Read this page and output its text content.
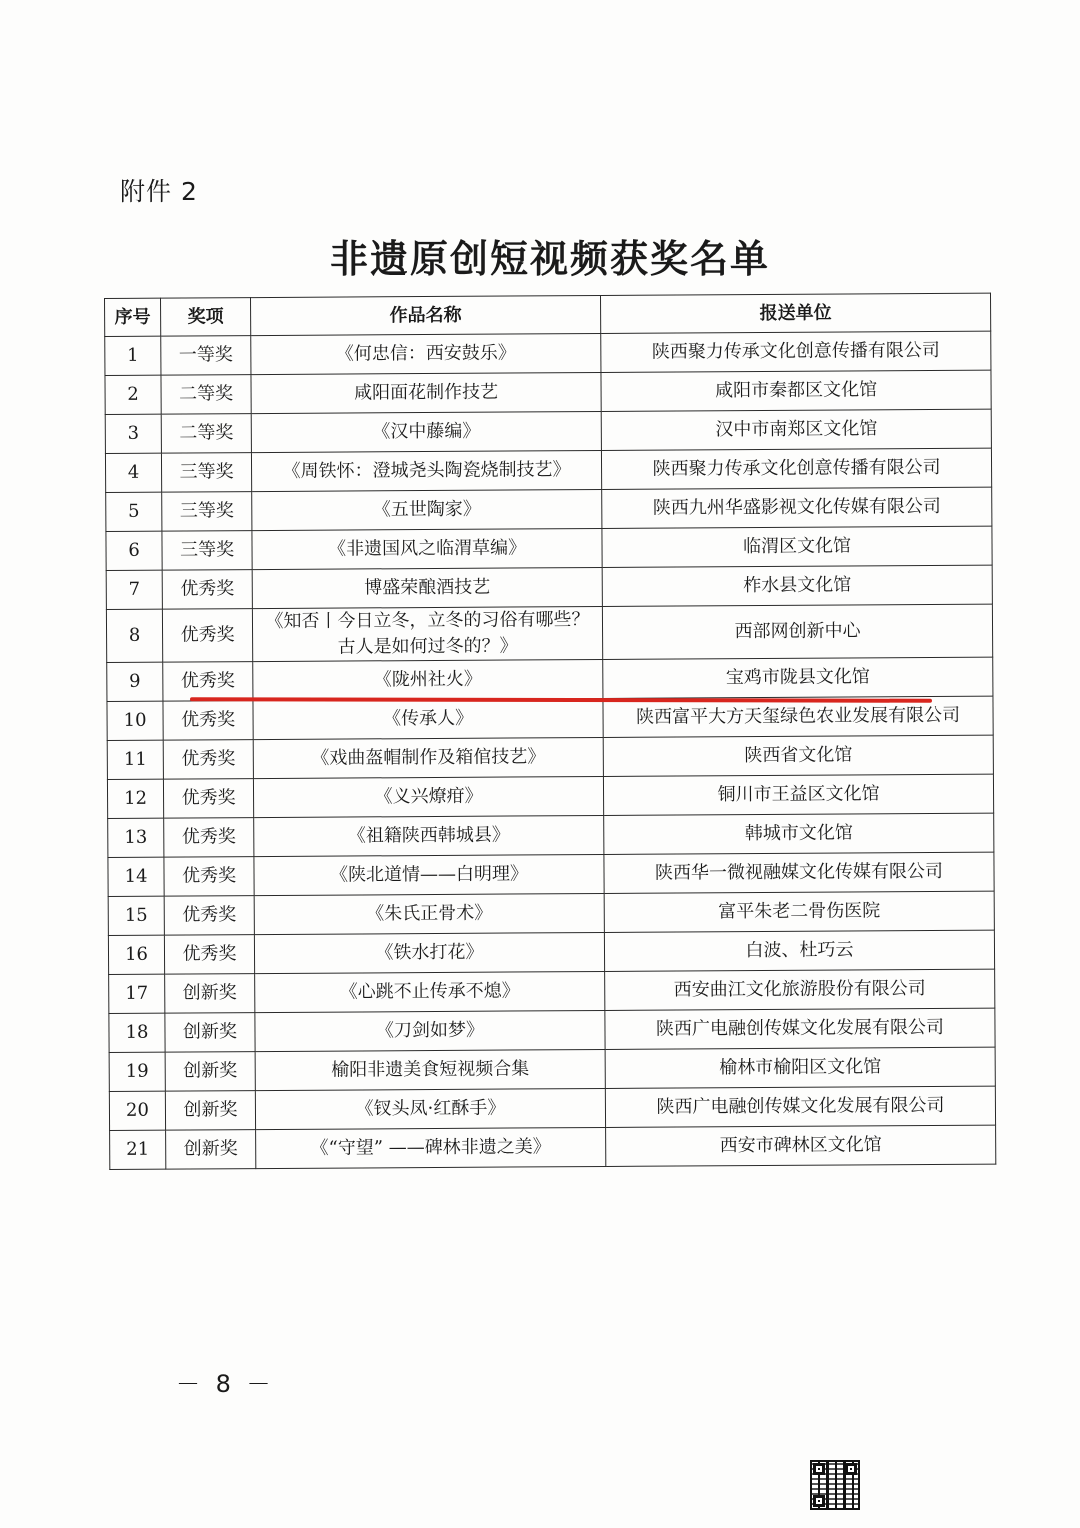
附件 2
非遗原创短视频获奖名单
序号	奖项	作品名称	报送单位
1	一等奖	《何忠信：西安鼓乐》	陕西聚力传承文化创意传播有限公司
2	二等奖	咸阳面花制作技艺	咸阳市秦都区文化馆
3	二等奖	《汉中藤编》	汉中市南郑区文化馆
4	三等奖	《周铁怀：澄城尧头陶瓷烧制技艺》	陕西聚力传承文化创意传播有限公司
5	三等奖	《五世陶家》	陕西九州华盛影视文化传媒有限公司
6	三等奖	《非遗国风之临渭草编》	临渭区文化馆
7	优秀奖	博盛荣酿酒技艺	柞水县文化馆
8	优秀奖	《知否丨今日立冬，立冬的习俗有哪些？古人是如何过冬的？》	西部网创新中心
9	优秀奖	《陇州社火》	宝鸡市陇县文化馆
10	优秀奖	《传承人》	陕西富平大方天玺绿色农业发展有限公司
11	优秀奖	《戏曲盔帽制作及箱倌技艺》	陕西省文化馆
12	优秀奖	《义兴燎疳》	铜川市王益区文化馆
13	优秀奖	《祖籍陕西韩城县》	韩城市文化馆
14	优秀奖	《陕北道情——白明理》	陕西华一微视融媒文化传媒有限公司
15	优秀奖	《朱氏正骨术》	富平朱老二骨伤医院
16	优秀奖	《铁水打花》	白波、杜巧云
17	创新奖	《心跳不止传承不熄》	西安曲江文化旅游股份有限公司
18	创新奖	《刀剑如梦》	陕西广电融创传媒文化发展有限公司
19	创新奖	榆阳非遗美食短视频合集	榆林市榆阳区文化馆
20	创新奖	《钗头凤·红酥手》	陕西广电融创传媒文化发展有限公司
21	创新奖	《“守望” ——碑林非遗之美》	西安市碑林区文化馆
－ 8 －
